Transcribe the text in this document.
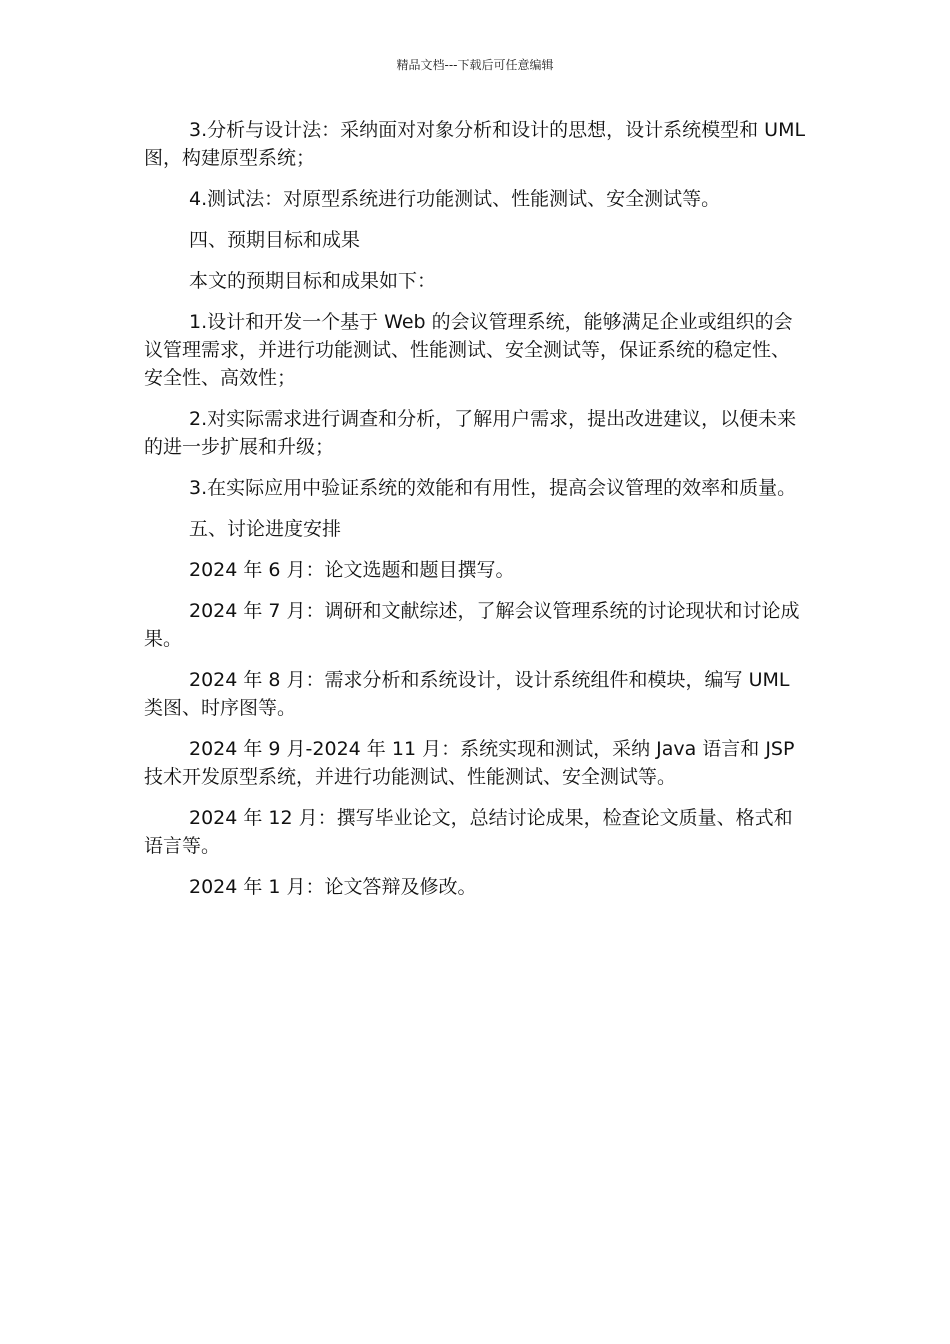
精品文档---下载后可任意编辑

3.分析与设计法：采纳面对对象分析和设计的思想，设计系统模型和 UML 图，构建原型系统；

4.测试法：对原型系统进行功能测试、性能测试、安全测试等。

四、预期目标和成果

本文的预期目标和成果如下：

1.设计和开发一个基于 Web 的会议管理系统，能够满足企业或组织的会议管理需求，并进行功能测试、性能测试、安全测试等，保证系统的稳定性、安全性、高效性；

2.对实际需求进行调查和分析，了解用户需求，提出改进建议，以便未来的进一步扩展和升级；

3.在实际应用中验证系统的效能和有用性，提高会议管理的效率和质量。

五、讨论进度安排

2024 年 6 月：论文选题和题目撰写。

2024 年 7 月：调研和文献综述，了解会议管理系统的讨论现状和讨论成果。

2024 年 8 月：需求分析和系统设计，设计系统组件和模块，编写 UML 类图、时序图等。

2024 年 9 月-2024 年 11 月：系统实现和测试，采纳 Java 语言和 JSP 技术开发原型系统，并进行功能测试、性能测试、安全测试等。

2024 年 12 月：撰写毕业论文，总结讨论成果，检查论文质量、格式和语言等。

2024 年 1 月：论文答辩及修改。
